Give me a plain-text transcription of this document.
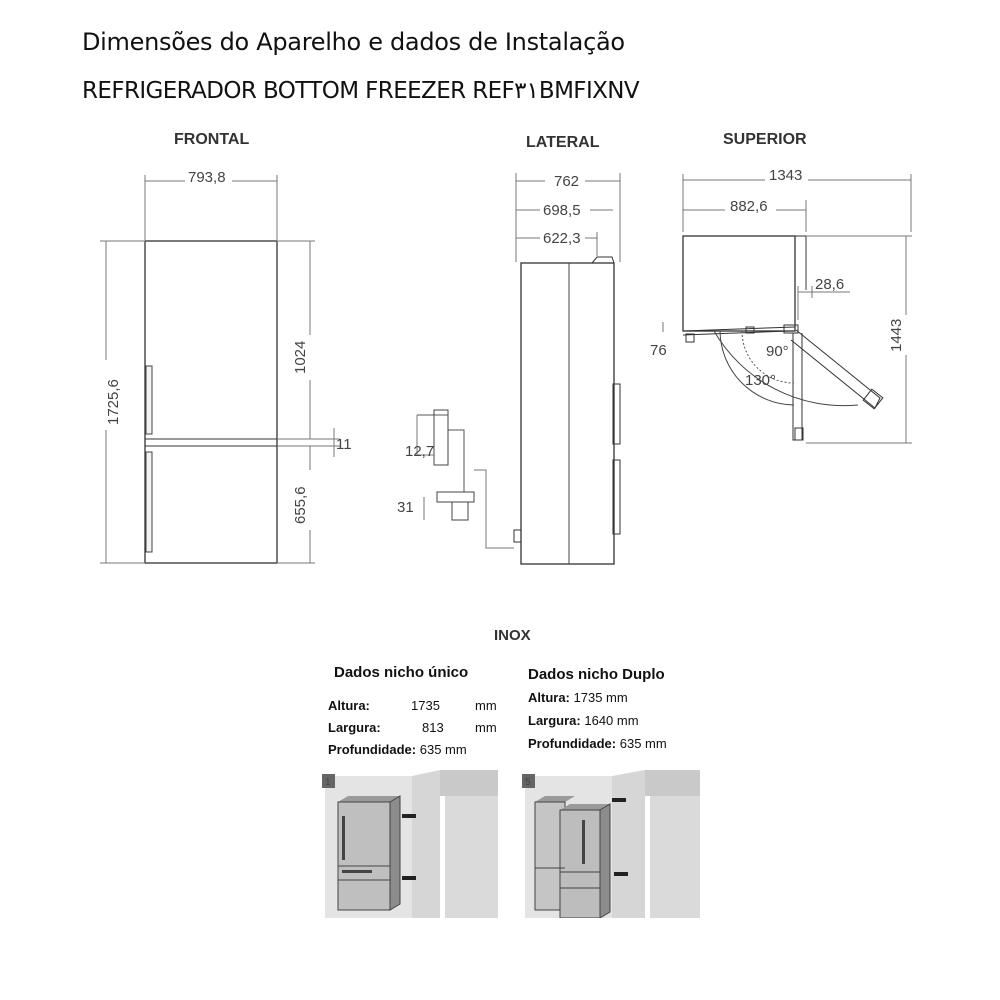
Dimensões do Aparelho e dados de Instalação
REFRIGERADOR BOTTOM FREEZER REF۳۱BMFIXNV
FRONTAL	LATERAL	SUPERIOR
793,8
1725,6
1024
11
655,6
762
698,5
622,3
12,7
31
1343
882,6
28,6
76	90°
130°
1443
INOX
Dados nicho único
Altura:	1735	mm
Largura:	813 mm
Profundidade: 635 mm
Dados nicho Duplo
Altura: 1735 mm
Largura: 1640 mm
Profundidade: 635 mm
1	5
